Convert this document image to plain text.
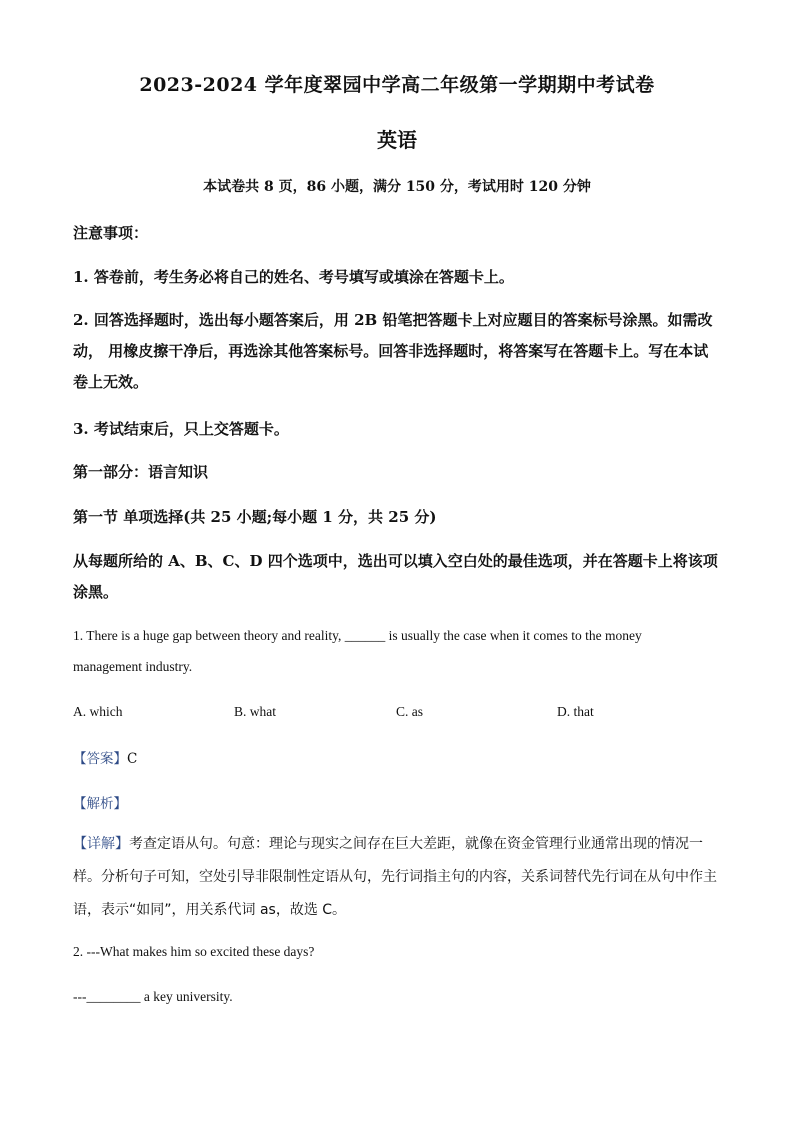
2023-2024 学年度翠园中学高二年级第一学期期中考试卷
英语
本试卷共 8 页，86 小题，满分 150 分，考试用时 120 分钟
注意事项：
1. 答卷前，考生务必将自己的姓名、考号填写或填涂在答题卡上。
2. 回答选择题时，选出每小题答案后，用 2B 铅笔把答题卡上对应题目的答案标号涂黑。如需改动， 用橡皮擦干净后，再选涂其他答案标号。回答非选择题时，将答案写在答题卡上。写在本试卷上无效。
3. 考试结束后，只上交答题卡。
第一部分：语言知识
第一节 单项选择(共 25 小题;每小题 1 分，共 25 分)
从每题所给的 A、B、C、D 四个选项中，选出可以填入空白处的最佳选项，并在答题卡上将该项涂黑。
1. There is a huge gap between theory and reality, ______ is usually the case when it comes to the money
management industry.
A. which	B. what	C. as	D. that
【答案】C
【解析】
【详解】考查定语从句。句意：理论与现实之间存在巨大差距，就像在资金管理行业通常出现的情况一样。分析句子可知，空处引导非限制性定语从句，先行词指主句的内容，关系词替代先行词在从句中作主语，表示“如同”，用关系代词 as，故选 C。
2. ---What makes him so excited these days?
---________ a key university.
